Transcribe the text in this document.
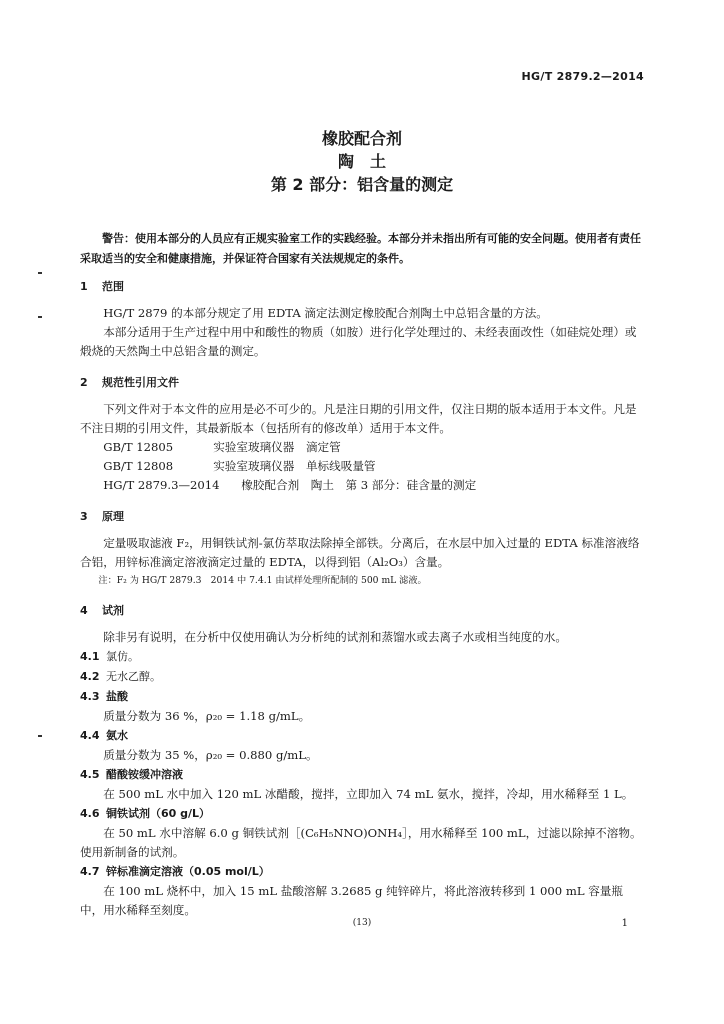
HG/T 2879.2—2014
橡胶配合剂
陶　土
第 2 部分：铝含量的测定

警告：使用本部分的人员应有正规实验室工作的实践经验。本部分并未指出所有可能的安全问题。使用者有责任采取适当的安全和健康措施，并保证符合国家有关法规规定的条件。

1 范围

HG/T 2879 的本部分规定了用 EDTA 滴定法测定橡胶配合剂陶土中总铝含量的方法。

本部分适用于生产过程中用中和酸性的物质（如胺）进行化学处理过的、未经表面改性（如硅烷处理）或煅烧的天然陶土中总铝含量的测定。

2 规范性引用文件

下列文件对于本文件的应用是必不可少的。凡是注日期的引用文件，仅注日期的版本适用于本文件。凡是不注日期的引用文件，其最新版本（包括所有的修改单）适用于本文件。

GB/T 12805	实验室玻璃仪器　滴定管

GB/T 12808	实验室玻璃仪器　单标线吸量管

HG/T 2879.3—2014 橡胶配合剂　陶土　第 3 部分：硅含量的测定

3 原理

定量吸取滤液 F₂，用铜铁试剂-氯仿萃取法除掉全部铁。分离后，在水层中加入过量的 EDTA 标准溶液络合铝，用锌标准滴定溶液滴定过量的 EDTA，以得到铝（Al₂O₃）含量。

注：F₂ 为 HG/T 2879.3　2014 中 7.4.1 由试样处理所配制的 500 mL 滤液。

4 试剂

除非另有说明，在分析中仅使用确认为分析纯的试剂和蒸馏水或去离子水或相当纯度的水。

4.1 氯仿。
4.2 无水乙醇。
4.3 盐酸

质量分数为 36 %，ρ₂₀ = 1.18 g/mL。

4.4 氨水

质量分数为 35 %，ρ₂₀ = 0.880 g/mL。

4.5 醋酸铵缓冲溶液

在 500 mL 水中加入 120 mL 冰醋酸，搅拌，立即加入 74 mL 氨水，搅拌，冷却，用水稀释至 1 L。

4.6 铜铁试剂（60 g/L）

在 50 mL 水中溶解 6.0 g 铜铁试剂［(C₆H₅NNO)ONH₄］，用水稀释至 100 mL，过滤以除掉不溶物。使用新制备的试剂。

4.7 锌标准滴定溶液（0.05 mol/L）

在 100 mL 烧杯中，加入 15 mL 盐酸溶解 3.2685 g 纯锌碎片，将此溶液转移到 1 000 mL 容量瓶中，用水稀释至刻度。

(13)	1
